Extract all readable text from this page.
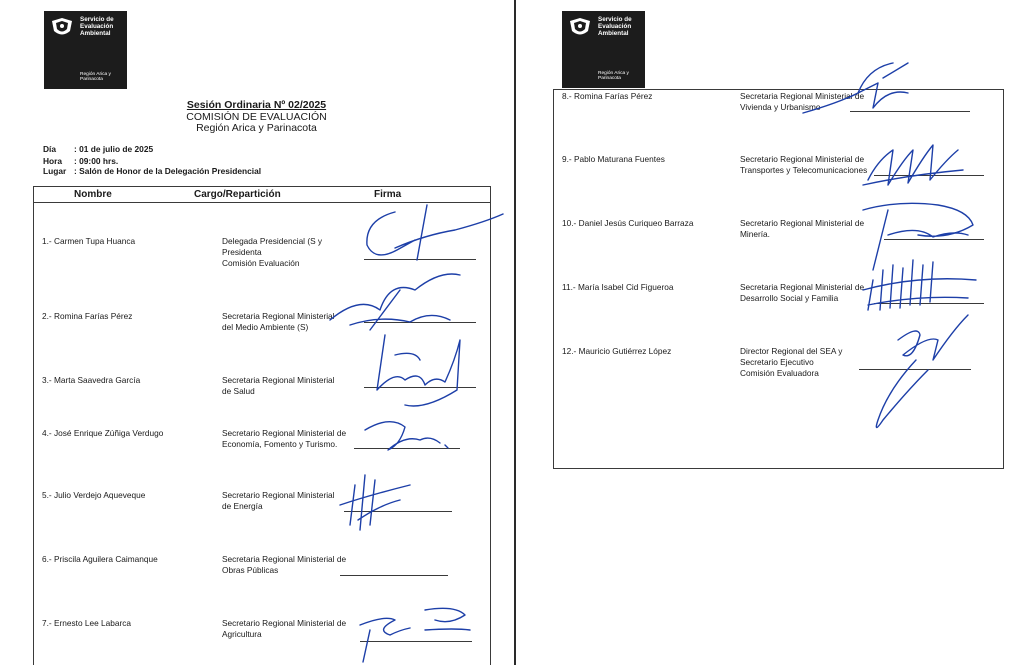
Servicio de Evaluación Ambiental
Región Arica y Parinacota
Sesión Ordinaria Nº 02/2025
COMISIÓN DE EVALUACIÓN
Región Arica y Parinacota
Día : 01 de julio de 2025
Hora : 09:00 hrs.
Lugar : Salón de Honor de la Delegación Presidencial
Nombre	Cargo/Repartición	Firma
1.- Carmen Tupa Huanca	Delegada Presidencial (S y
Presidenta
Comisión Evaluación
2.- Romina Farías Pérez	Secretaria Regional Ministerial
del Medio Ambiente (S)
3.- Marta Saavedra García	Secretaria Regional Ministerial
de Salud
4.- José Enrique Zúñiga Verdugo	Secretario Regional Ministerial de
Economía, Fomento y Turismo.
5.- Julio Verdejo Aqueveque	Secretario Regional Ministerial
de Energía
6.- Priscila Aguilera Caimanque	Secretaria Regional Ministerial de
Obras Públicas
7.- Ernesto Lee Labarca	Secretario Regional Ministerial de
Agricultura
Servicio de Evaluación Ambiental
Región Arica y Parinacota
8.- Romina Farías Pérez	Secretaria Regional Ministerial de
Vivienda y Urbanismo
9.- Pablo Maturana Fuentes	Secretario Regional Ministerial de
Transportes y Telecomunicaciones
10.- Daniel Jesús Curiqueo Barraza	Secretario Regional Ministerial de
Minería.
11.- María Isabel Cid Figueroa	Secretaria Regional Ministerial de
Desarrollo Social y Familia
12.- Mauricio Gutiérrez López	Director Regional del SEA y
Secretario Ejecutivo
Comisión Evaluadora
